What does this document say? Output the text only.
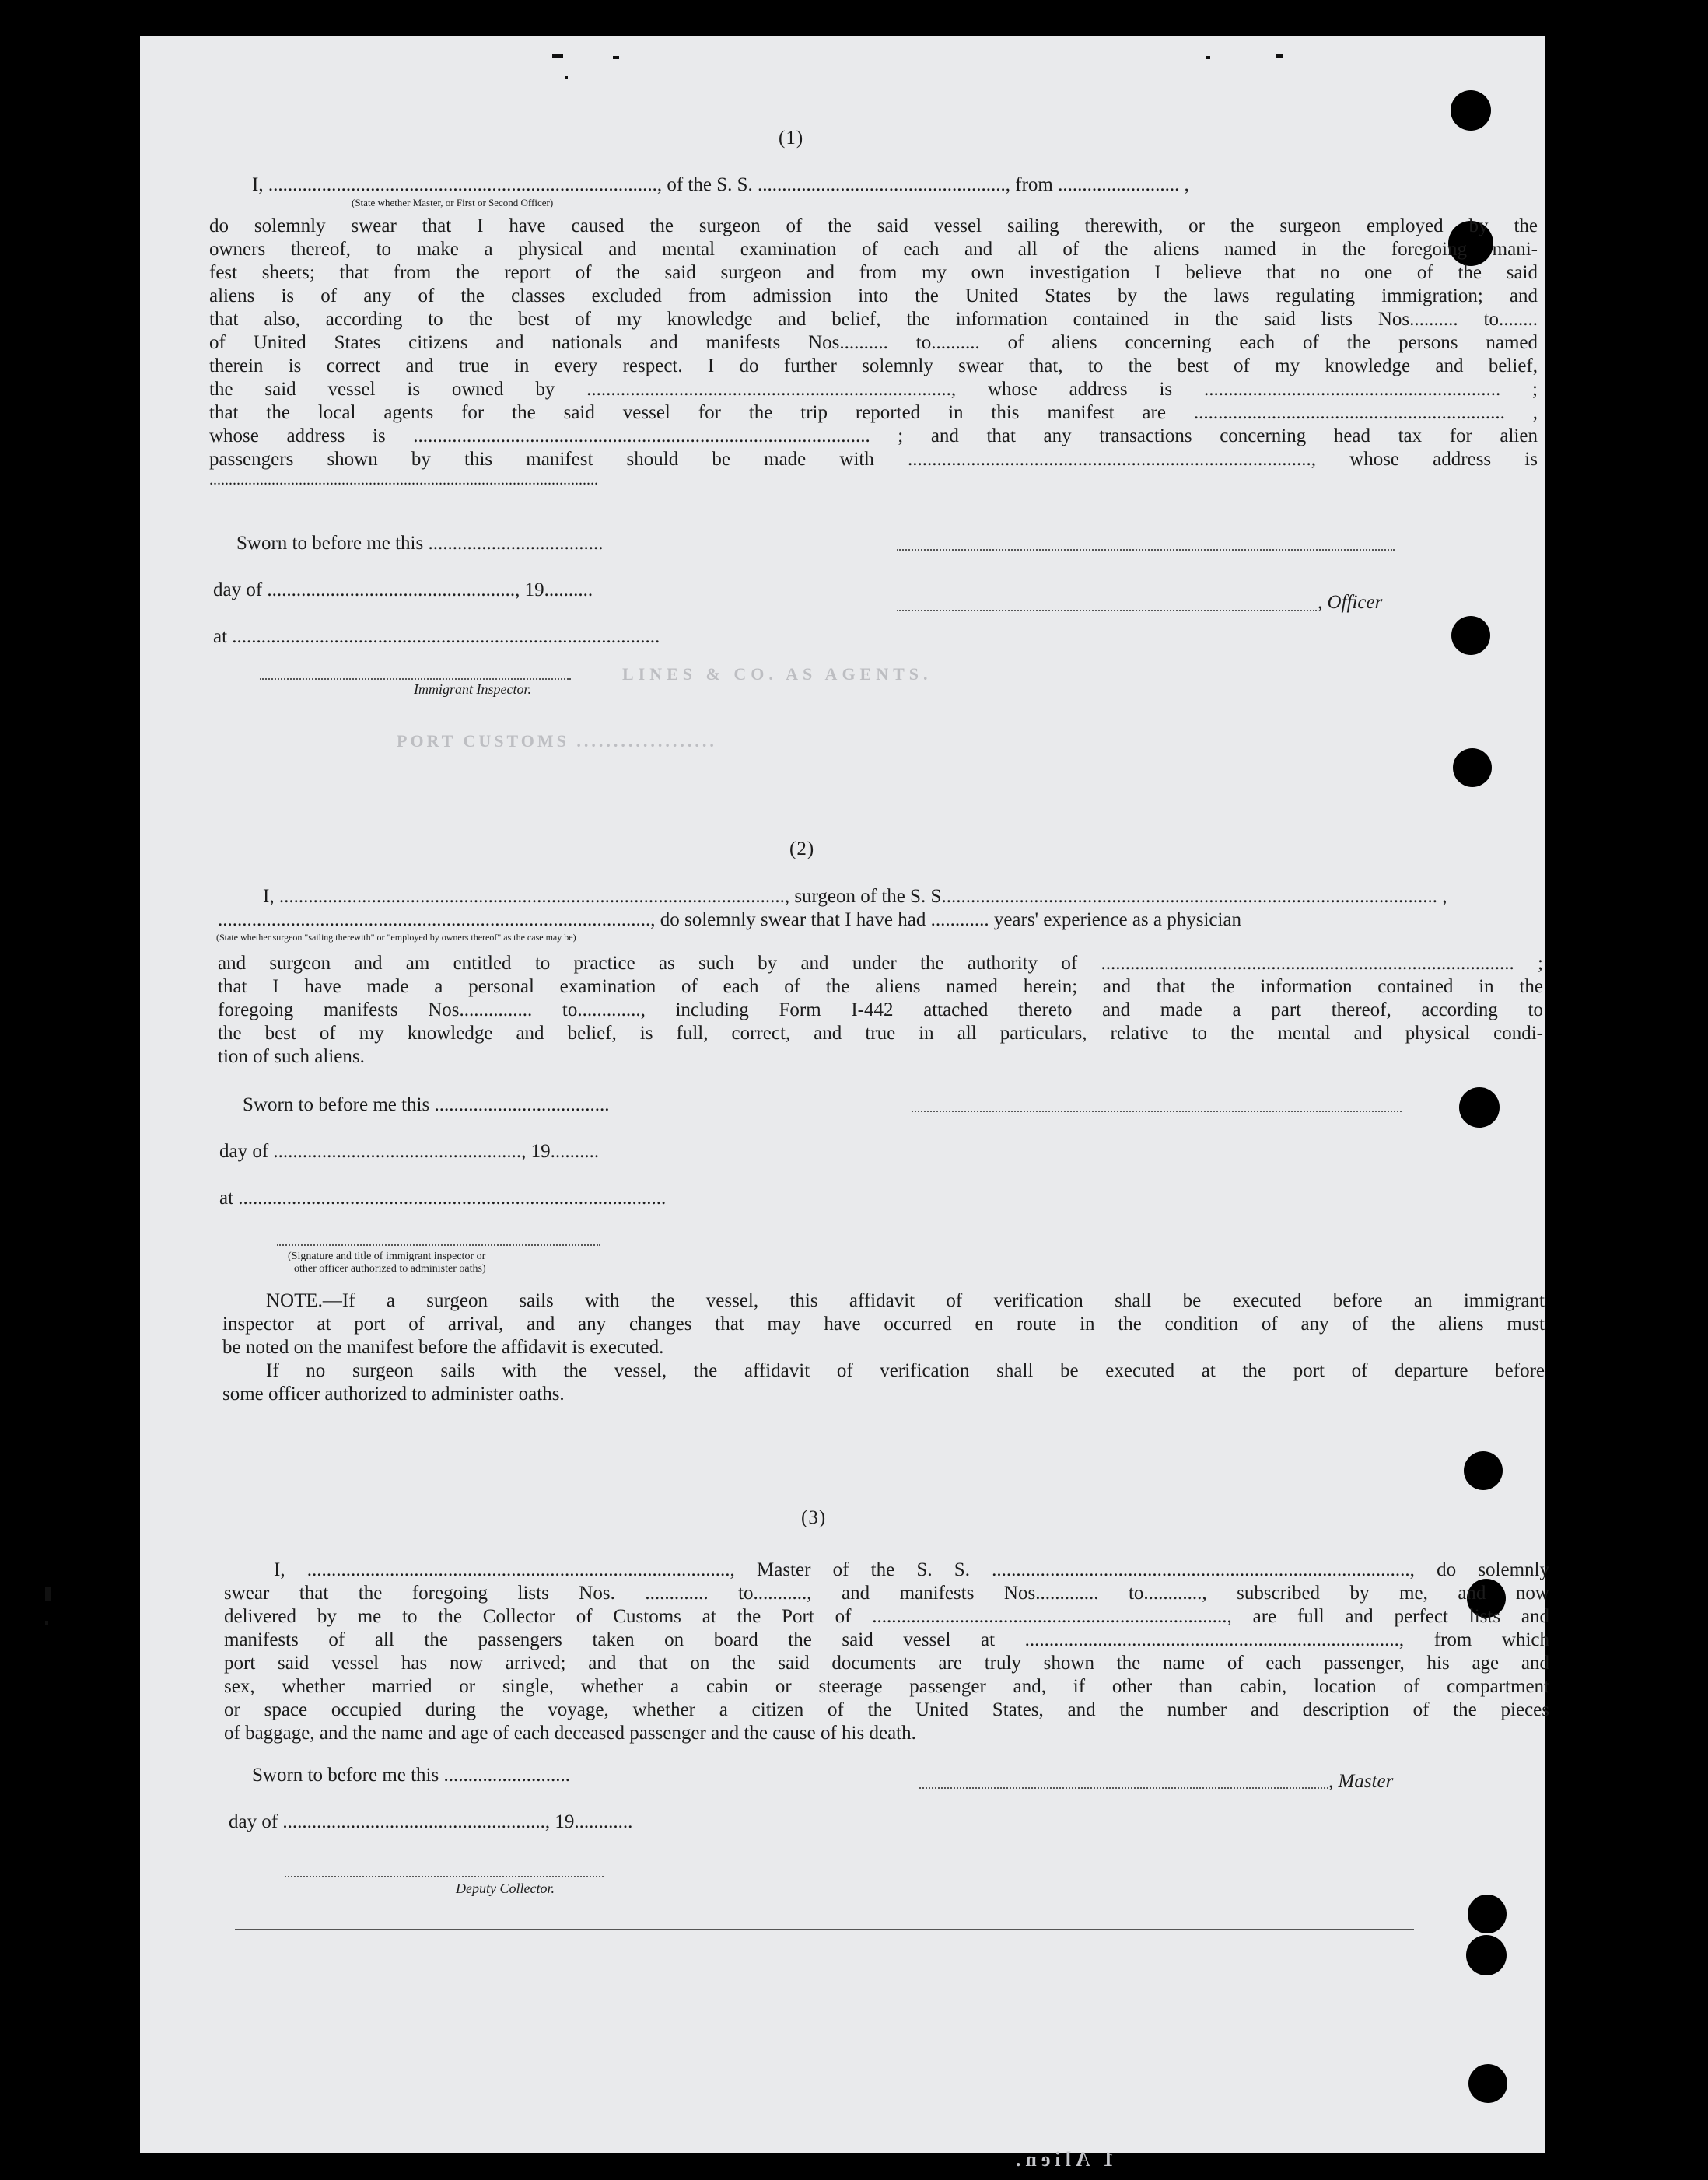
(1)
I, ................................................................................, of the S. S. ..................................................., from ......................... ,
(State whether Master, or First or Second Officer)
do solemnly swear that I have caused the surgeon of the said vessel sailing therewith, or the surgeon employed by the
owners thereof, to make a physical and mental examination of each and all of the aliens named in the foregoing mani-
fest sheets; that from the report of the said surgeon and from my own investigation I believe that no one of the said
aliens is of any of the classes excluded from admission into the United States by the laws regulating immigration; and
that also, according to the best of my knowledge and belief, the information contained in the said lists Nos.......... to........
of United States citizens and nationals and manifests Nos.......... to.......... of aliens concerning each of the persons named
therein is correct and true in every respect. I do further solemnly swear that, to the best of my knowledge and belief,
the said vessel is owned by ..........................................................................., whose address is ............................................................. ;
that the local agents for the said vessel for the trip reported in this manifest are ................................................................ ,
whose address is .............................................................................................. ; and that any transactions concerning head tax for alien
passengers shown by this manifest should be made with ..................................................................................., whose address is
....................................................................................................
Sworn to before me this ....................................
day of ..................................................., 19..........
, Officer
at ........................................................................................
Immigrant Inspector.
LINES & CO. AS AGENTS.
PORT CUSTOMS ...................
(2)
I, ........................................................................................................, surgeon of the S. S...................................................................................................... ,
........................................................................................., do solemnly swear that I have had ............ years' experience as a physician
(State whether surgeon "sailing therewith" or "employed by owners thereof" as the case may be)
and surgeon and am entitled to practice as such by and under the authority of ..................................................................................... ;
that I have made a personal examination of each of the aliens named herein; and that the information contained in the
foregoing manifests Nos............... to............., including Form I-442 attached thereto and made a part thereof, according to
the best of my knowledge and belief, is full, correct, and true in all particulars, relative to the mental and physical condi-
tion of such aliens.
Sworn to before me this ....................................
day of ..................................................., 19..........
at ........................................................................................
(Signature and title of immigrant inspector or
other officer authorized to administer oaths)
NOTE.—If a surgeon sails with the vessel, this affidavit of verification shall be executed before an immigrant
inspector at port of arrival, and any changes that may have occurred en route in the condition of any of the aliens must
be noted on the manifest before the affidavit is executed.
If no surgeon sails with the vessel, the affidavit of verification shall be executed at the port of departure before
some officer authorized to administer oaths.
(3)
I, ......................................................................................., Master of the S. S. ......................................................................................, do solemnly
swear that the foregoing lists Nos. ............. to..........., and manifests Nos............. to............, subscribed by me, and now
delivered by me to the Collector of Customs at the Port of ........................................................................., are full and perfect lists and
manifests of all the passengers taken on board the said vessel at ............................................................................., from which
port said vessel has now arrived; and that on the said documents are truly shown the name of each passenger, his age and
sex, whether married or single, whether a cabin or steerage passenger and, if other than cabin, location of compartment
or space occupied during the voyage, whether a citizen of the United States, and the number and description of the pieces
of baggage, and the name and age of each deceased passenger and the cause of his death.
Sworn to before me this ..........................	, Master
day of ......................................................, 19............
Deputy Collector.
1 Alien.
